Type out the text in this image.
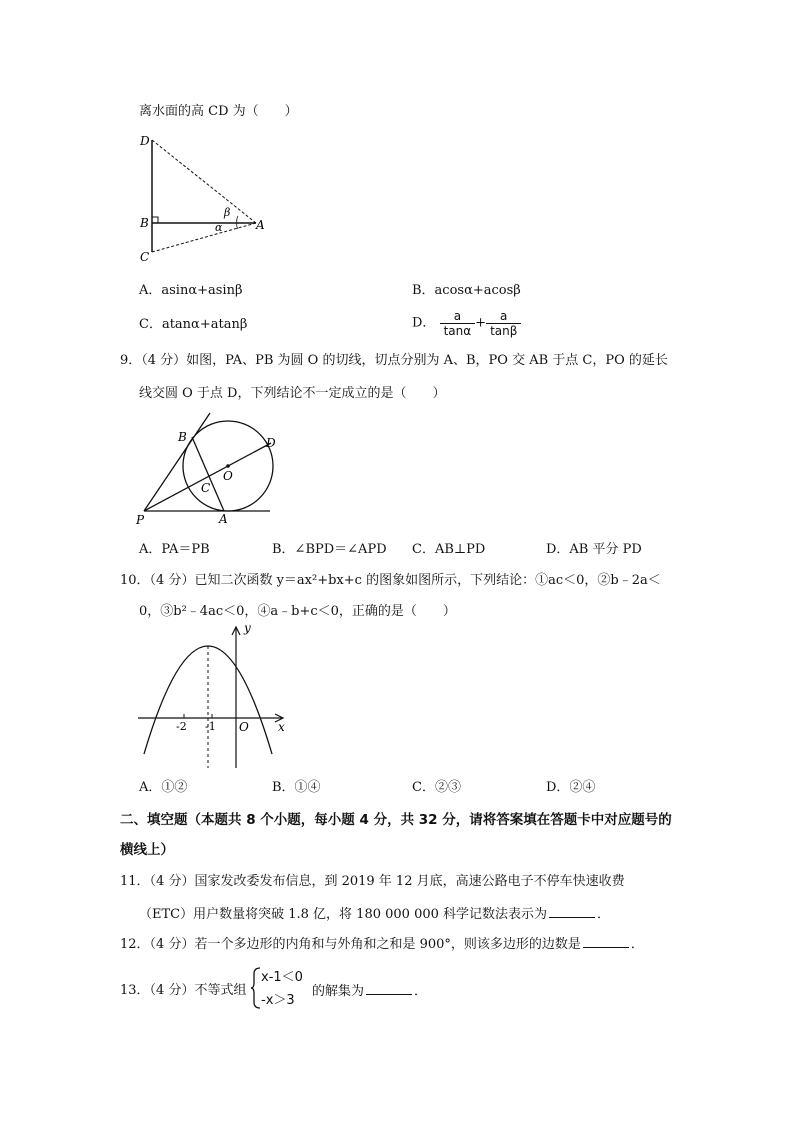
离水面的高 CD 为（　　）
D
B
C
A
β
α
A．asinα+asinβ	B．acosα+acosβ
C．atanα+atanβ	D． $\frac{a}{\tan\alpha} + \frac{a}{\tan\beta}$
9．（4 分）如图，PA、PB 为圆 O 的切线，切点分别为 A、B，PO 交 AB 于点 C，PO 的延长
线交圆 O 于点 D，下列结论不一定成立的是（　　）
B	D
O
C
P	A
A．PA＝PB	B．∠BPD＝∠APD C．AB⊥PD	D．AB 平分 PD
10．（4 分）已知二次函数 y＝ax²+bx+c 的图象如图所示，下列结论：①ac＜0，②b﹣2a＜
0，③b²﹣4ac＜0，④a﹣b+c＜0，正确的是（　　）
y
x
O
-2 -1
A．①②	B．①④	C．②③	D．②④
二、填空题（本题共 8 个小题，每小题 4 分，共 32 分，请将答案填在答题卡中对应题号的
横线上）
11．（4 分）国家发改委发布信息，到 2019 年 12 月底，高速公路电子不停车快速收费
（ETC）用户数量将突破 1.8 亿，将 180 000 000 科学记数法表示为	．
12．（4 分）若一个多边形的内角和与外角和之和是 900°，则该多边形的边数是	．
13．（4 分）不等式组
x-1＜0
-x＞3
的解集为	．
